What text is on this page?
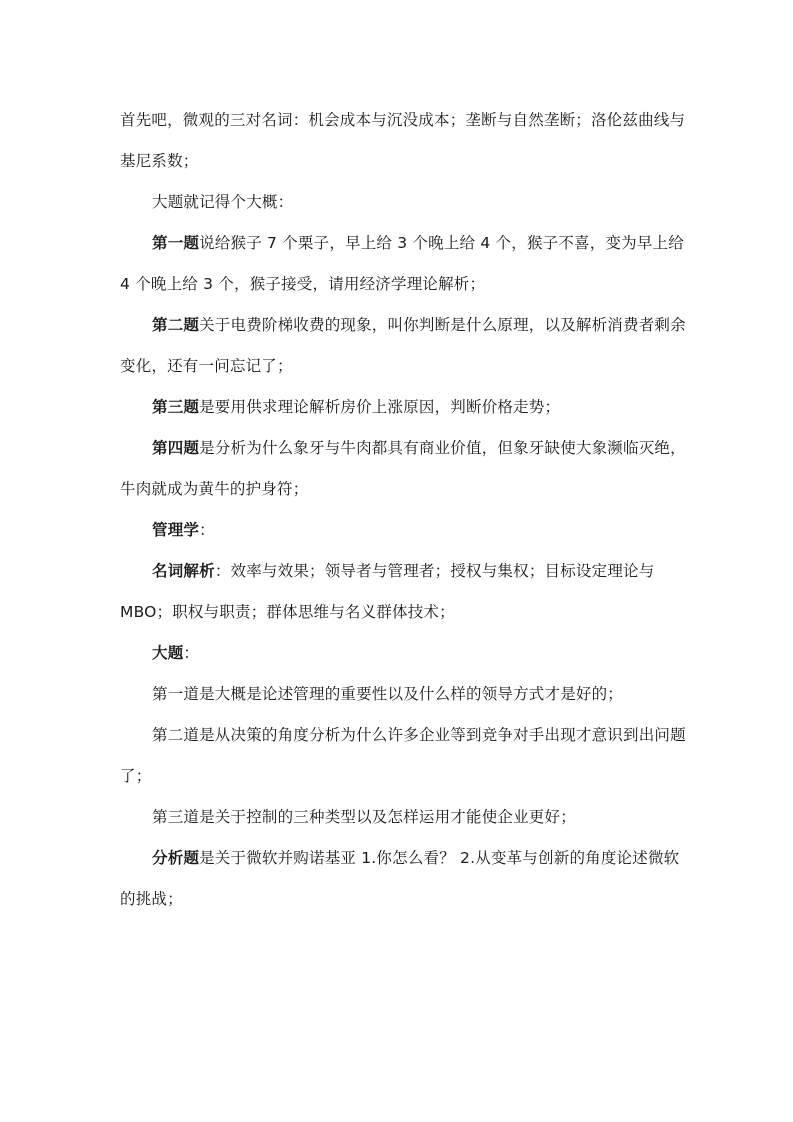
首先吧，微观的三对名词：机会成本与沉没成本；垄断与自然垄断；洛伦兹曲线与基尼系数；

大题就记得个大概：

第一题说给猴子 7 个栗子，早上给 3 个晚上给 4 个，猴子不喜，变为早上给 4 个晚上给 3 个，猴子接受，请用经济学理论解析；

第二题关于电费阶梯收费的现象，叫你判断是什么原理，以及解析消费者剩余变化，还有一问忘记了；

第三题是要用供求理论解析房价上涨原因，判断价格走势；

第四题是分析为什么象牙与牛肉都具有商业价值，但象牙缺使大象濒临灭绝，牛肉就成为黄牛的护身符；

管理学：

名词解析：效率与效果；领导者与管理者；授权与集权；目标设定理论与MBO；职权与职责；群体思维与名义群体技术；

大题：

第一道是大概是论述管理的重要性以及什么样的领导方式才是好的；

第二道是从决策的角度分析为什么许多企业等到竞争对手出现才意识到出问题了；

第三道是关于控制的三种类型以及怎样运用才能使企业更好；

分析题是关于微软并购诺基亚 1.你怎么看？ 2.从变革与创新的角度论述微软的挑战；
